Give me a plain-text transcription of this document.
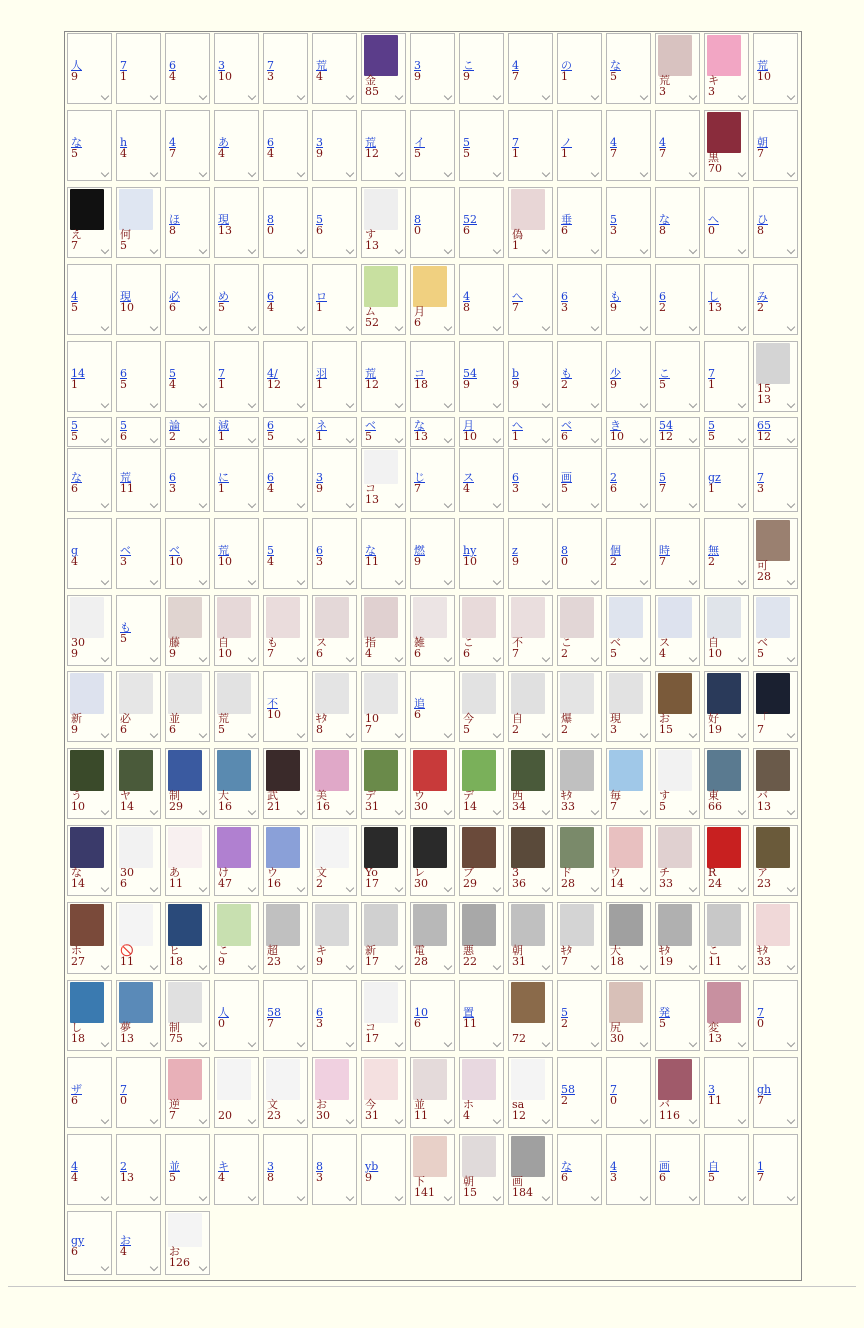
人
9
7
1
6
4
3
10
7
3
荒
4	金
85
3
9
こ
9
4
7
の
1
な
5	荒
3
キ
3
荒
10
な
5
h
4
4
7
あ
4
6
4
3
9
荒
12
イ
5
5
5
7
1
ノ
1
4
7
4
7	黒
70
朝
7
え
7
何
5
ほ
8
現
13
8
0
5
6	す
13
8
0
52
6	偽
1
垂
6
5
3
な
8
へ
0
ひ
8
4
5
現
10
必
6
め
5
6
4
ロ
1	ム
52
月
6
4
8
へ
7
6
3
も
9
6
2
し
13
み
2
14
1
6
5
5
4
7
1
4/
12
羽
1
荒
12
コ
18
54
9
b
9
も
2
少
9
こ
5
7
1	15
13
5
5
5
6
論
2
減
1
6
5
ネ
1
ベ
5
な
13
月
10
へ
1
ベ
6
き
10
54
12
5
5
65
12
な
6
荒
11
6
3
に
1
6
4
3
9	コ
13
じ
7
ス
4
6
3
画
5
2
6
5
7
gz
1
7
3
g
4
ベ
3
ベ
10
荒
10
5
4
6
3
な
11
燃
9
hy
10
z
9
8
0
個
2
時
7
無
2	可
28
30
9
も
5	藤
9
自
10
も
7
ス
6
指
4
雑
6
こ
6
不
7
こ
2
ベ
5
ス
4
自
10
ベ
5
新
9
必
6
並
6
荒
5
不
10	ｷﾀ
8
10
7
追
6	今
5
自
2
爆
2
現
3
お
15
好
19
「
7
う
10
ヤ
14
制
29
大
16
武
21
美
16
デ
31
ウ
30
デ
14
西
34
ｷﾀ
33
毎
7
す
5
東
66
バ
13
な
14
30
6
あ
11
け
47
ウ
16
文
2
Yo
17
レ
30
ブ
29
3
36
ド
28
ウ
14
チ
33
R
24
ア
23
ホ
27
🚫
11
ヒ
18
こ
9
超
23
キ
9
新
17
電
28
悪
22
朝
31
ｷﾀ
7
大
18
ｷﾀ
19
こ
11
ｷﾀ
33
し
18
夢
13
制
75
人
0
58
7
6
3	コ
17
10
6
置
11
72
5
2	尻
30
発
5	変
13
7
0
ザ
6
7
0	逆
7	20
文
23
お
30
今
31
並
11
ホ
4
sa
12
58
2
7
0	バ
116
3
11
gh
7
4
4
2
13
並
5
キ
4
3
8
8
3
yb
9	下
141
朝
15
画
184
な
6
4
3
画
6
自
5
1
7
gy
6
お
4	お
126
